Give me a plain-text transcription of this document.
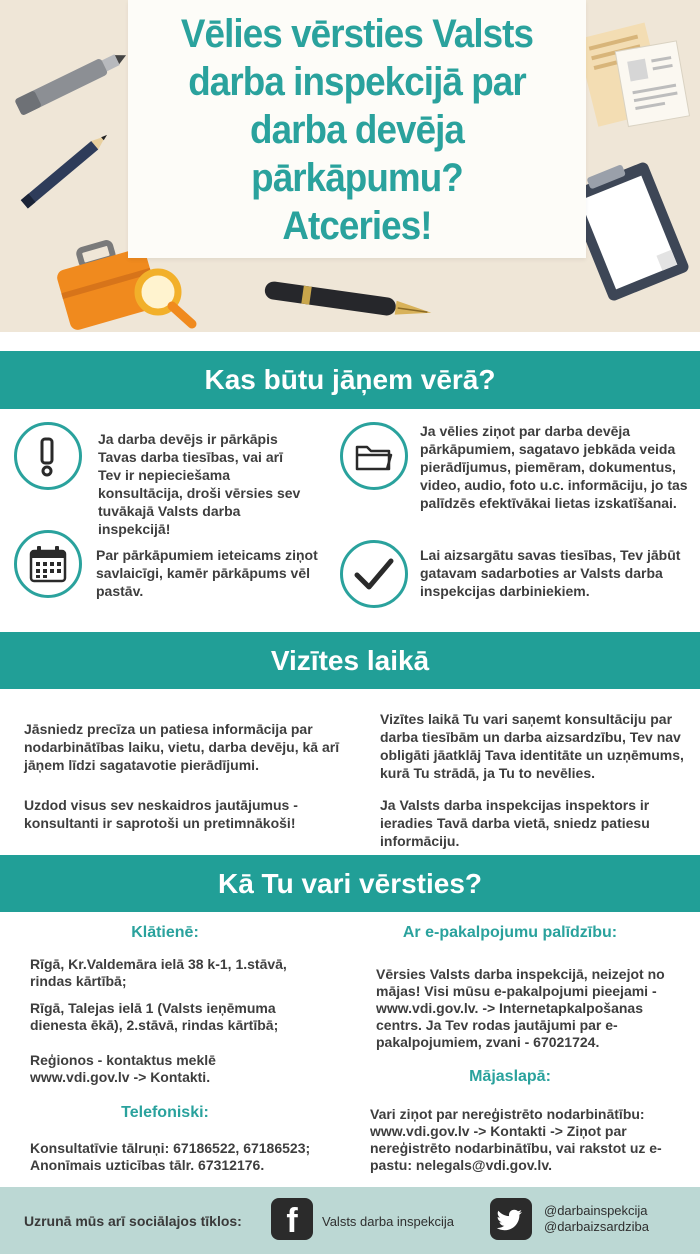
Vēlies vērsties Valsts
darba inspekcijā par
darba devēja
pārkāpumu?
Atceries!
Kas būtu jāņem vērā?
Ja darba devējs ir pārkāpis Tavas darba tiesības, vai arī Tev ir nepieciešama konsultācija, droši vērsies sev tuvākajā Valsts darba inspekcijā!
Ja vēlies ziņot par darba devēja pārkāpumiem, sagatavo jebkāda veida pierādījumus, piemēram, dokumentus, video, audio, foto u.c. informāciju, jo tas palīdzēs efektīvākai lietas izskatīšanai.
Par pārkāpumiem ieteicams ziņot savlaicīgi, kamēr pārkāpums vēl pastāv.
Lai aizsargātu savas tiesības, Tev jābūt gatavam sadarboties ar Valsts darba inspekcijas darbiniekiem.
Vizītes laikā
Jāsniedz precīza un patiesa informācija par nodarbinātības laiku, vietu, darba devēju, kā arī jāņem līdzi sagatavotie pierādījumi.
Uzdod visus sev neskaidros jautājumus - konsultanti ir saprotoši un pretimnākoši!
Vizītes laikā Tu vari saņemt konsultāciju par darba tiesībām un darba aizsardzību, Tev nav obligāti jāatklāj Tava identitāte un uzņēmums, kurā Tu strādā, ja Tu to nevēlies.
Ja Valsts darba inspekcijas inspektors ir ieradies Tavā darba vietā, sniedz patiesu informāciju.
Kā Tu vari vērsties?
Klātienē:
Rīgā, Kr.Valdemāra ielā 38 k-1, 1.stāvā, rindas kārtībā;
Rīgā, Talejas ielā 1 (Valsts ieņēmuma dienesta ēkā), 2.stāvā, rindas kārtībā;
Reģionos - kontaktus meklē www.vdi.gov.lv -> Kontakti.
Telefoniski:
Konsultatīvie tālruņi: 67186522, 67186523; Anonīmais uzticības tālr. 67312176.
Ar e-pakalpojumu palīdzību:
Vērsies Valsts darba inspekcijā, neizejot no mājas! Visi mūsu e-pakalpojumi pieejami - www.vdi.gov.lv. -> Internetapkalpošanas centrs. Ja Tev rodas jautājumi par e-pakalpojumiem, zvani - 67021724.
Mājaslapā:
Vari ziņot par nereģistrēto nodarbinātību: www.vdi.gov.lv -> Kontakti -> Ziņot par nereģistrēto nodarbinātību, vai rakstot uz e-pastu: nelegals@vdi.gov.lv.
Uzrunā mūs arī sociālajos tīklos:	f	Valsts darba inspekcija
@darbainspekcija
@darbaizsardziba
